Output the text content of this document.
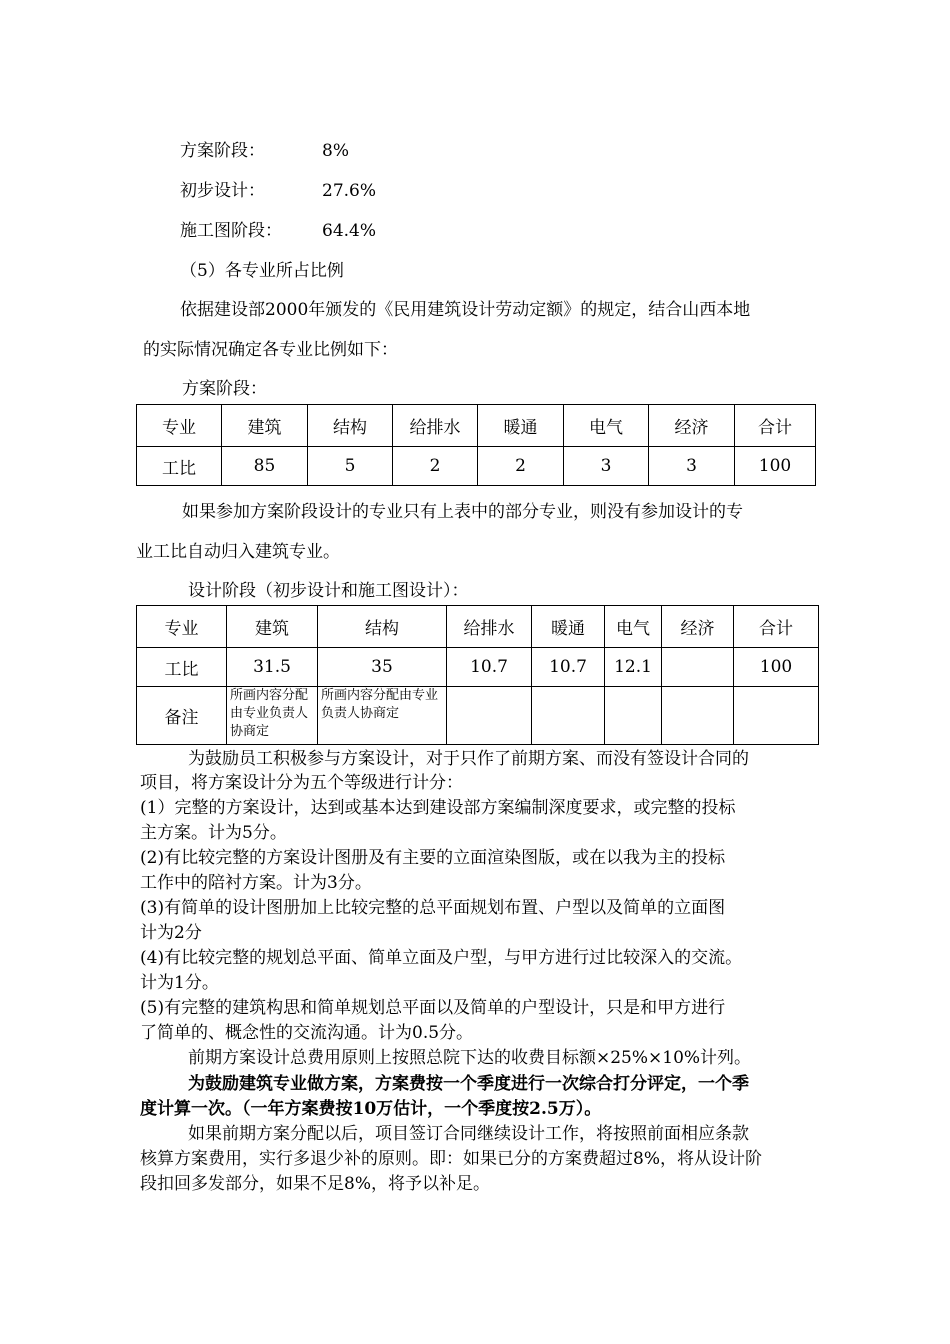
方案阶段：	8%
初步设计：	27.6%
施工图阶段： 64.4%
（5）各专业所占比例
依据建设部2000年颁发的《民用建筑设计劳动定额》的规定，结合山西本地
的实际情况确定各专业比例如下：
方案阶段：
专业	建筑	结构	给排水	暖通	电气	经济	合计
工比	85	5	2	2	3	3	100
如果参加方案阶段设计的专业只有上表中的部分专业，则没有参加设计的专
业工比自动归入建筑专业。
设计阶段（初步设计和施工图设计）：
专业	建筑	结构	给排水	暖通	电气	经济	合计
工比	31.5	35	10.7	10.7	12.1		100
备注	所画内容分配由专业负责人协商定	所画内容分配由专业负责人协商定					
为鼓励员工积极参与方案设计，对于只作了前期方案、而没有签设计合同的
项目，将方案设计分为五个等级进行计分：
(1）完整的方案设计，达到或基本达到建设部方案编制深度要求，或完整的投标
主方案。计为5分。
(2)有比较完整的方案设计图册及有主要的立面渲染图版，或在以我为主的投标
工作中的陪衬方案。计为3分。
(3)有简单的设计图册加上比较完整的总平面规划布置、户型以及简单的立面图
计为2分
(4)有比较完整的规划总平面、简单立面及户型，与甲方进行过比较深入的交流。
计为1分。
(5)有完整的建筑构思和简单规划总平面以及简单的户型设计，只是和甲方进行
了简单的、概念性的交流沟通。计为0.5分。
前期方案设计总费用原则上按照总院下达的收费目标额×25%×10%计列。
为鼓励建筑专业做方案，方案费按一个季度进行一次综合打分评定，一个季
度计算一次。（一年方案费按10万估计，一个季度按2.5万）。
如果前期方案分配以后，项目签订合同继续设计工作，将按照前面相应条款
核算方案费用，实行多退少补的原则。即：如果已分的方案费超过8%，将从设计阶
段扣回多发部分，如果不足8%，将予以补足。
